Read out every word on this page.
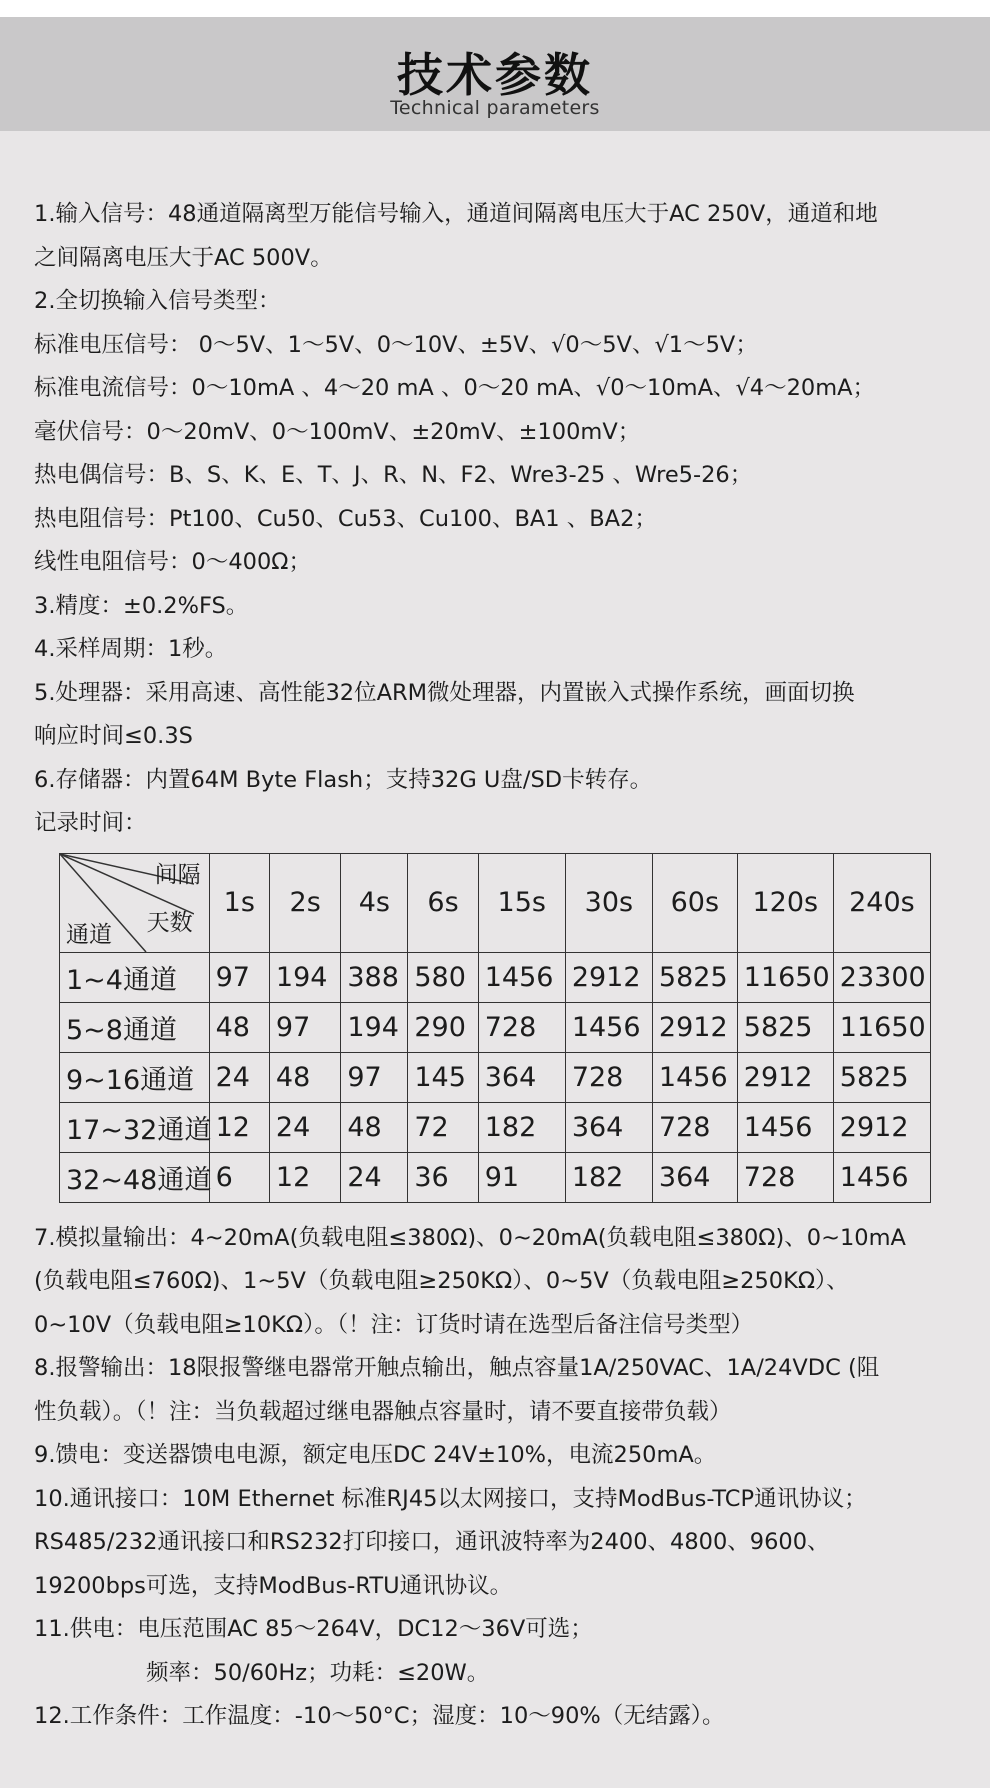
技术参数
Technical parameters
1.输入信号：48通道隔离型万能信号输入，通道间隔离电压大于AC 250V，通道和地
之间隔离电压大于AC 500V。
2.全切换输入信号类型：
标准电压信号： 0～5V、1～5V、0～10V、±5V、√0～5V、√1～5V；
标准电流信号：0～10mA 、4～20 mA 、0～20 mA、√0～10mA、√4～20mA；
毫伏信号：0～20mV、0～100mV、±20mV、±100mV；
热电偶信号：B、S、K、E、T、J、R、N、F2、Wre3-25 、Wre5-26；
热电阻信号：Pt100、Cu50、Cu53、Cu100、BA1 、BA2；
线性电阻信号：0～400Ω；
3.精度：±0.2%FS。
4.采样周期：1秒。
5.处理器：采用高速、高性能32位ARM微处理器，内置嵌入式操作系统，画面切换
响应时间≤0.3S
6.存储器：内置64M Byte Flash；支持32G U盘/SD卡转存。
记录时间：
间隔
天数
通道	1s	2s	4s	6s	15s	30s	60s	120s	240s
1~4通道	97	194	388	580	1456	2912	5825	11650	23300
5~8通道	48	97	194	290	728	1456	2912	5825	11650
9~16通道	24	48	97	145	364	728	1456	2912	5825
17~32通道	12	24	48	72	182	364	728	1456	2912
32~48通道	6	12	24	36	91	182	364	728	1456
7.模拟量输出：4~20mA(负载电阻≤380Ω)、0~20mA(负载电阻≤380Ω)、0~10mA
(负载电阻≤760Ω)、1~5V（负载电阻≥250KΩ）、0~5V（负载电阻≥250KΩ）、
0~10V（负载电阻≥10KΩ）。（！注：订货时请在选型后备注信号类型）
8.报警输出：18限报警继电器常开触点输出，触点容量1A/250VAC、1A/24VDC (阻
性负载）。（！注：当负载超过继电器触点容量时，请不要直接带负载）
9.馈电：变送器馈电电源，额定电压DC 24V±10%，电流250mA。
10.通讯接口：10M Ethernet 标准RJ45以太网接口，支持ModBus-TCP通讯协议；
RS485/232通讯接口和RS232打印接口，通讯波特率为2400、4800、9600、
19200bps可选，支持ModBus-RTU通讯协议。
11.供电：电压范围AC 85～264V，DC12～36V可选；
频率：50/60Hz；功耗：≤20W。
12.工作条件：工作温度：-10～50°C；湿度：10～90%（无结露）。
